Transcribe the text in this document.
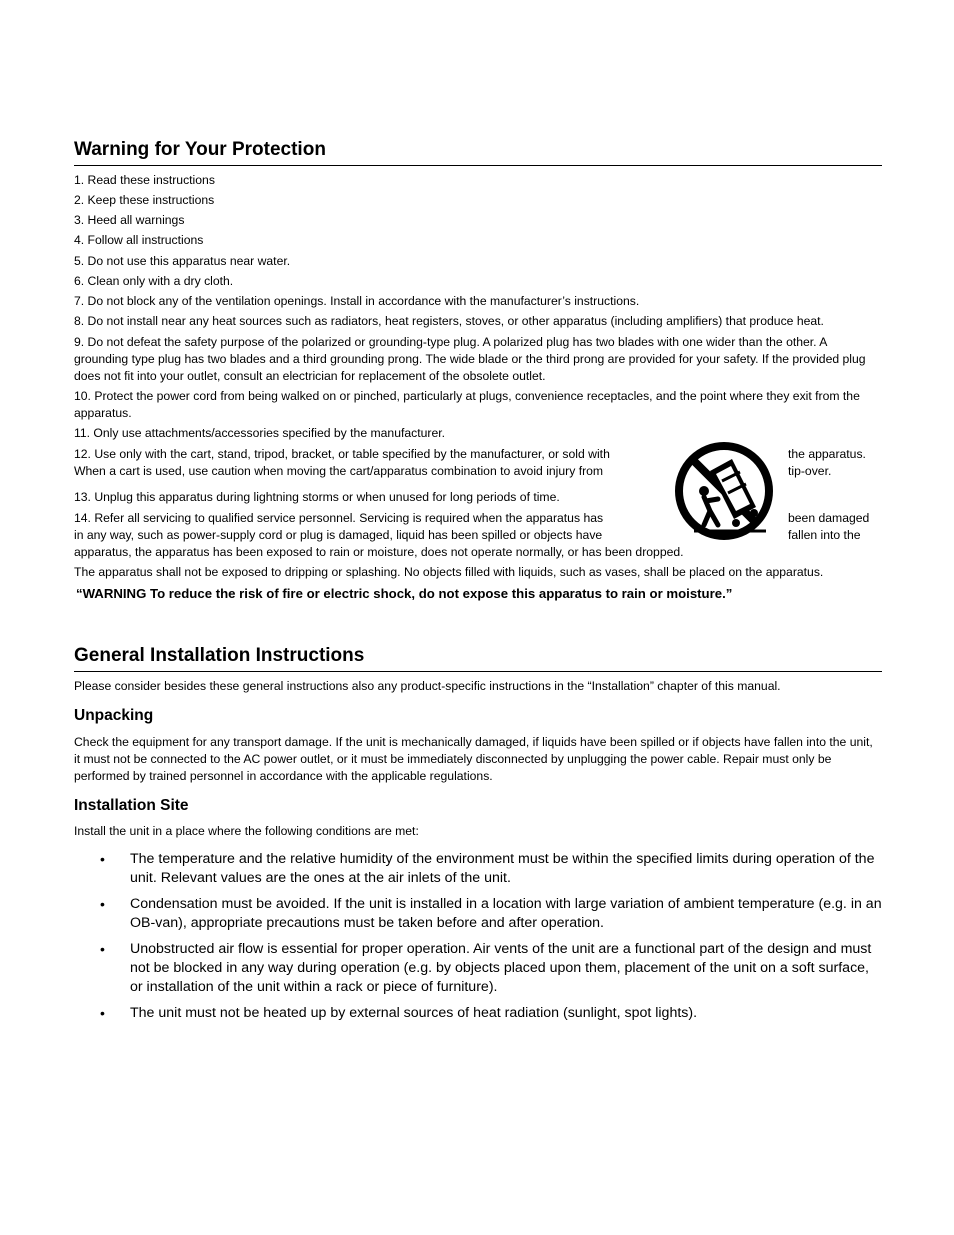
Warning for Your Protection

1. Read these instructions

2. Keep these instructions

3. Heed all warnings

4. Follow all instructions

5. Do not use this apparatus near water.

6. Clean only with a dry cloth.

7. Do not block any of the ventilation openings. Install in accordance with the manufacturer’s instructions.

8. Do not install near any heat sources such as radiators, heat registers, stoves, or other apparatus (including amplifiers) that produce heat.

9. Do not defeat the safety purpose of the polarized or grounding-type plug. A polarized plug has two blades with one wider than the other. A grounding type plug has two blades and a third grounding prong. The wide blade or the third prong are provided for your safety. If the provided plug does not fit into your outlet, consult an electrician for replacement of the obsolete outlet.

10. Protect the power cord from being walked on or pinched, particularly at plugs, convenience receptacles, and the point where they exit from the apparatus.

11. Only use attachments/accessories specified by the manufacturer.

12. Use only with the cart, stand, tripod, bracket, or table specified by the manufacturer, or sold with

When a cart is used, use caution when moving the cart/apparatus combination to avoid injury from

the apparatus.
tip-over.

13. Unplug this apparatus during lightning storms or when unused for long periods of time.

14. Refer all servicing to qualified service personnel. Servicing is required when the apparatus has

in any way, such as power-supply cord or plug is damaged, liquid has been spilled or objects have

been damaged
fallen into the

apparatus, the apparatus has been exposed to rain or moisture, does not operate normally, or has been dropped.

The apparatus shall not be exposed to dripping or splashing. No objects filled with liquids, such as vases, shall be placed on the apparatus.

“WARNING To reduce the risk of fire or electric shock, do not expose this apparatus to rain or moisture.”
General Installation Instructions

Please consider besides these general instructions also any product-specific instructions in the “Installation” chapter of this manual.

Unpacking

Check the equipment for any transport damage. If the unit is mechanically damaged, if liquids have been spilled or if objects have fallen into the unit, it must not be connected to the AC power outlet, or it must be immediately disconnected by unplugging the power cable. Repair must only be performed by trained personnel in accordance with the applicable regulations.

Installation Site

Install the unit in a place where the following conditions are met:

• The temperature and the relative humidity of the environment must be within the specified limits during operation of the unit. Relevant values are the ones at the air inlets of the unit.
• Condensation must be avoided. If the unit is installed in a location with large variation of ambient temperature (e.g. in an OB-van), appropriate precautions must be taken before and after operation.
• Unobstructed air flow is essential for proper operation. Air vents of the unit are a functional part of the design and must not be blocked in any way during operation (e.g. by objects placed upon them, placement of the unit on a soft surface, or installation of the unit within a rack or piece of furniture).
• The unit must not be heated up by external sources of heat radiation (sunlight, spot lights).
